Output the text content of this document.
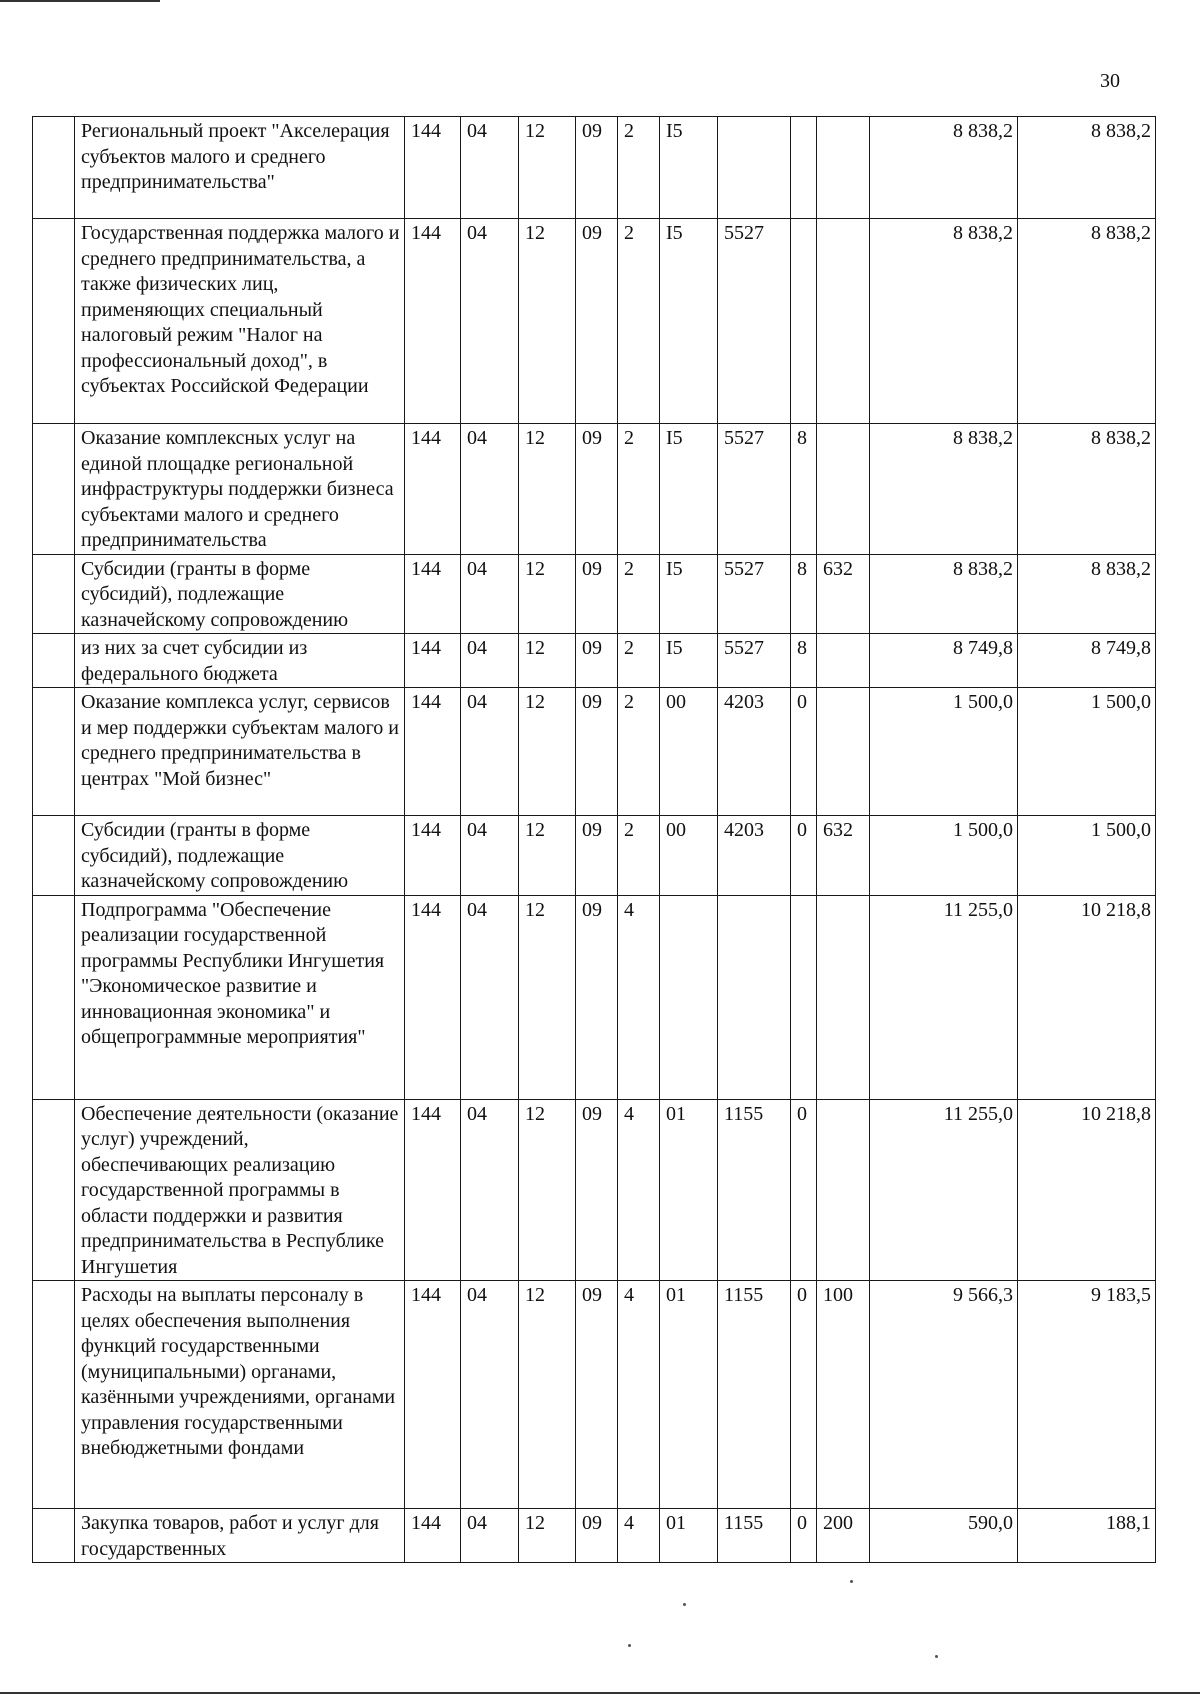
30
	Региональный проект "Акселерация субъектов малого и среднего предпринимательства"	144	04	12	09	2	I5				8 838,2	8 838,2
	Государственная поддержка малого и среднего предпринимательства, а также физических лиц, применяющих специальный налоговый режим "Налог на профессиональный доход", в субъектах Российской Федерации	144	04	12	09	2	I5	5527			8 838,2	8 838,2
	Оказание комплексных услуг на единой площадке региональной инфраструктуры поддержки бизнеса субъектами малого и среднего предпринимательства	144	04	12	09	2	I5	5527	8		8 838,2	8 838,2
	Субсидии (гранты в форме субсидий), подлежащие казначейскому сопровождению	144	04	12	09	2	I5	5527	8	632	8 838,2	8 838,2
	из них за счет субсидии из федерального бюджета	144	04	12	09	2	I5	5527	8		8 749,8	8 749,8
	Оказание комплекса услуг, сервисов и мер поддержки субъектам малого и среднего предпринимательства в центрах "Мой бизнес"	144	04	12	09	2	00	4203	0		1 500,0	1 500,0
	Субсидии (гранты в форме субсидий), подлежащие казначейскому сопровождению	144	04	12	09	2	00	4203	0	632	1 500,0	1 500,0
	Подпрограмма "Обеспечение реализации государственной программы Республики Ингушетия "Экономическое развитие и инновационная экономика" и общепрограммные мероприятия"	144	04	12	09	4					11 255,0	10 218,8
	Обеспечение деятельности (оказание услуг) учреждений, обеспечивающих реализацию государственной программы в области поддержки и развития предпринимательства в Республике Ингушетия	144	04	12	09	4	01	1155	0		11 255,0	10 218,8
	Расходы на выплаты персоналу в целях обеспечения выполнения функций государственными (муниципальными) органами, казёнными учреждениями, органами управления государственными внебюджетными фондами	144	04	12	09	4	01	1155	0	100	9 566,3	9 183,5
	Закупка товаров, работ и услуг для государственных	144	04	12	09	4	01	1155	0	200	590,0	188,1
